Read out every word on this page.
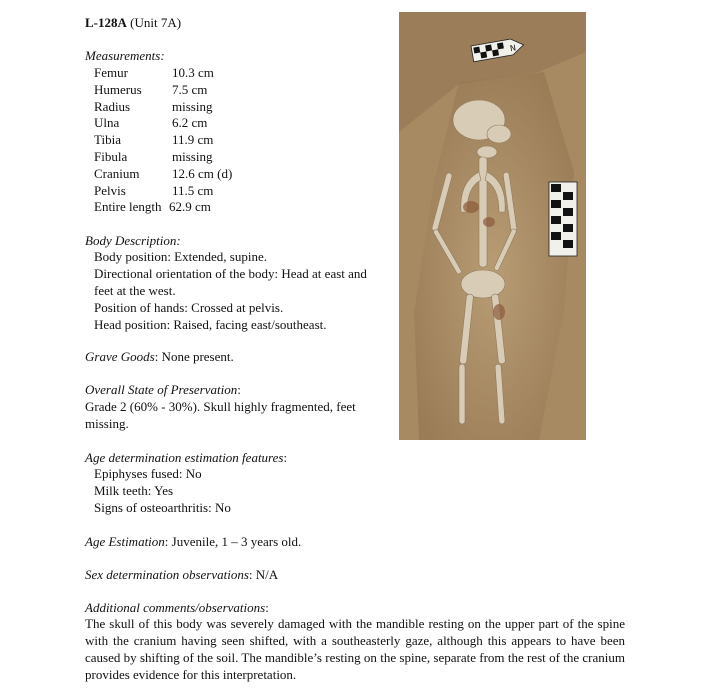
L-128A (Unit 7A)
Measurements:
Femur	10.3 cm
Humerus 7.5 cm
Radius	missing
Ulna	6.2 cm
Tibia	11.9 cm
Fibula	missing
Cranium	12.6 cm (d)
Pelvis	11.5 cm
Entire length 62.9 cm
Body Description:
Body position: Extended, supine.
Directional orientation of the body: Head at east and
feet at the west.
Position of hands: Crossed at pelvis.
Head position: Raised, facing east/southeast.
Grave Goods: None present.
Overall State of Preservation:
Grade 2 (60% - 30%). Skull highly fragmented, feet
missing.
Age determination estimation features:
Epiphyses fused: No
Milk teeth: Yes
Signs of osteoarthritis: No
Age Estimation: Juvenile, 1 – 3 years old.
Sex determination observations: N/A
Additional comments/observations:
The skull of this body was severely damaged with the mandible resting on the upper part of the spine with the cranium having seen shifted, with a southeasterly gaze, although this appears to have been caused by shifting of the soil. The mandible’s resting on the spine, separate from the rest of the cranium provides evidence for this interpretation.
N
